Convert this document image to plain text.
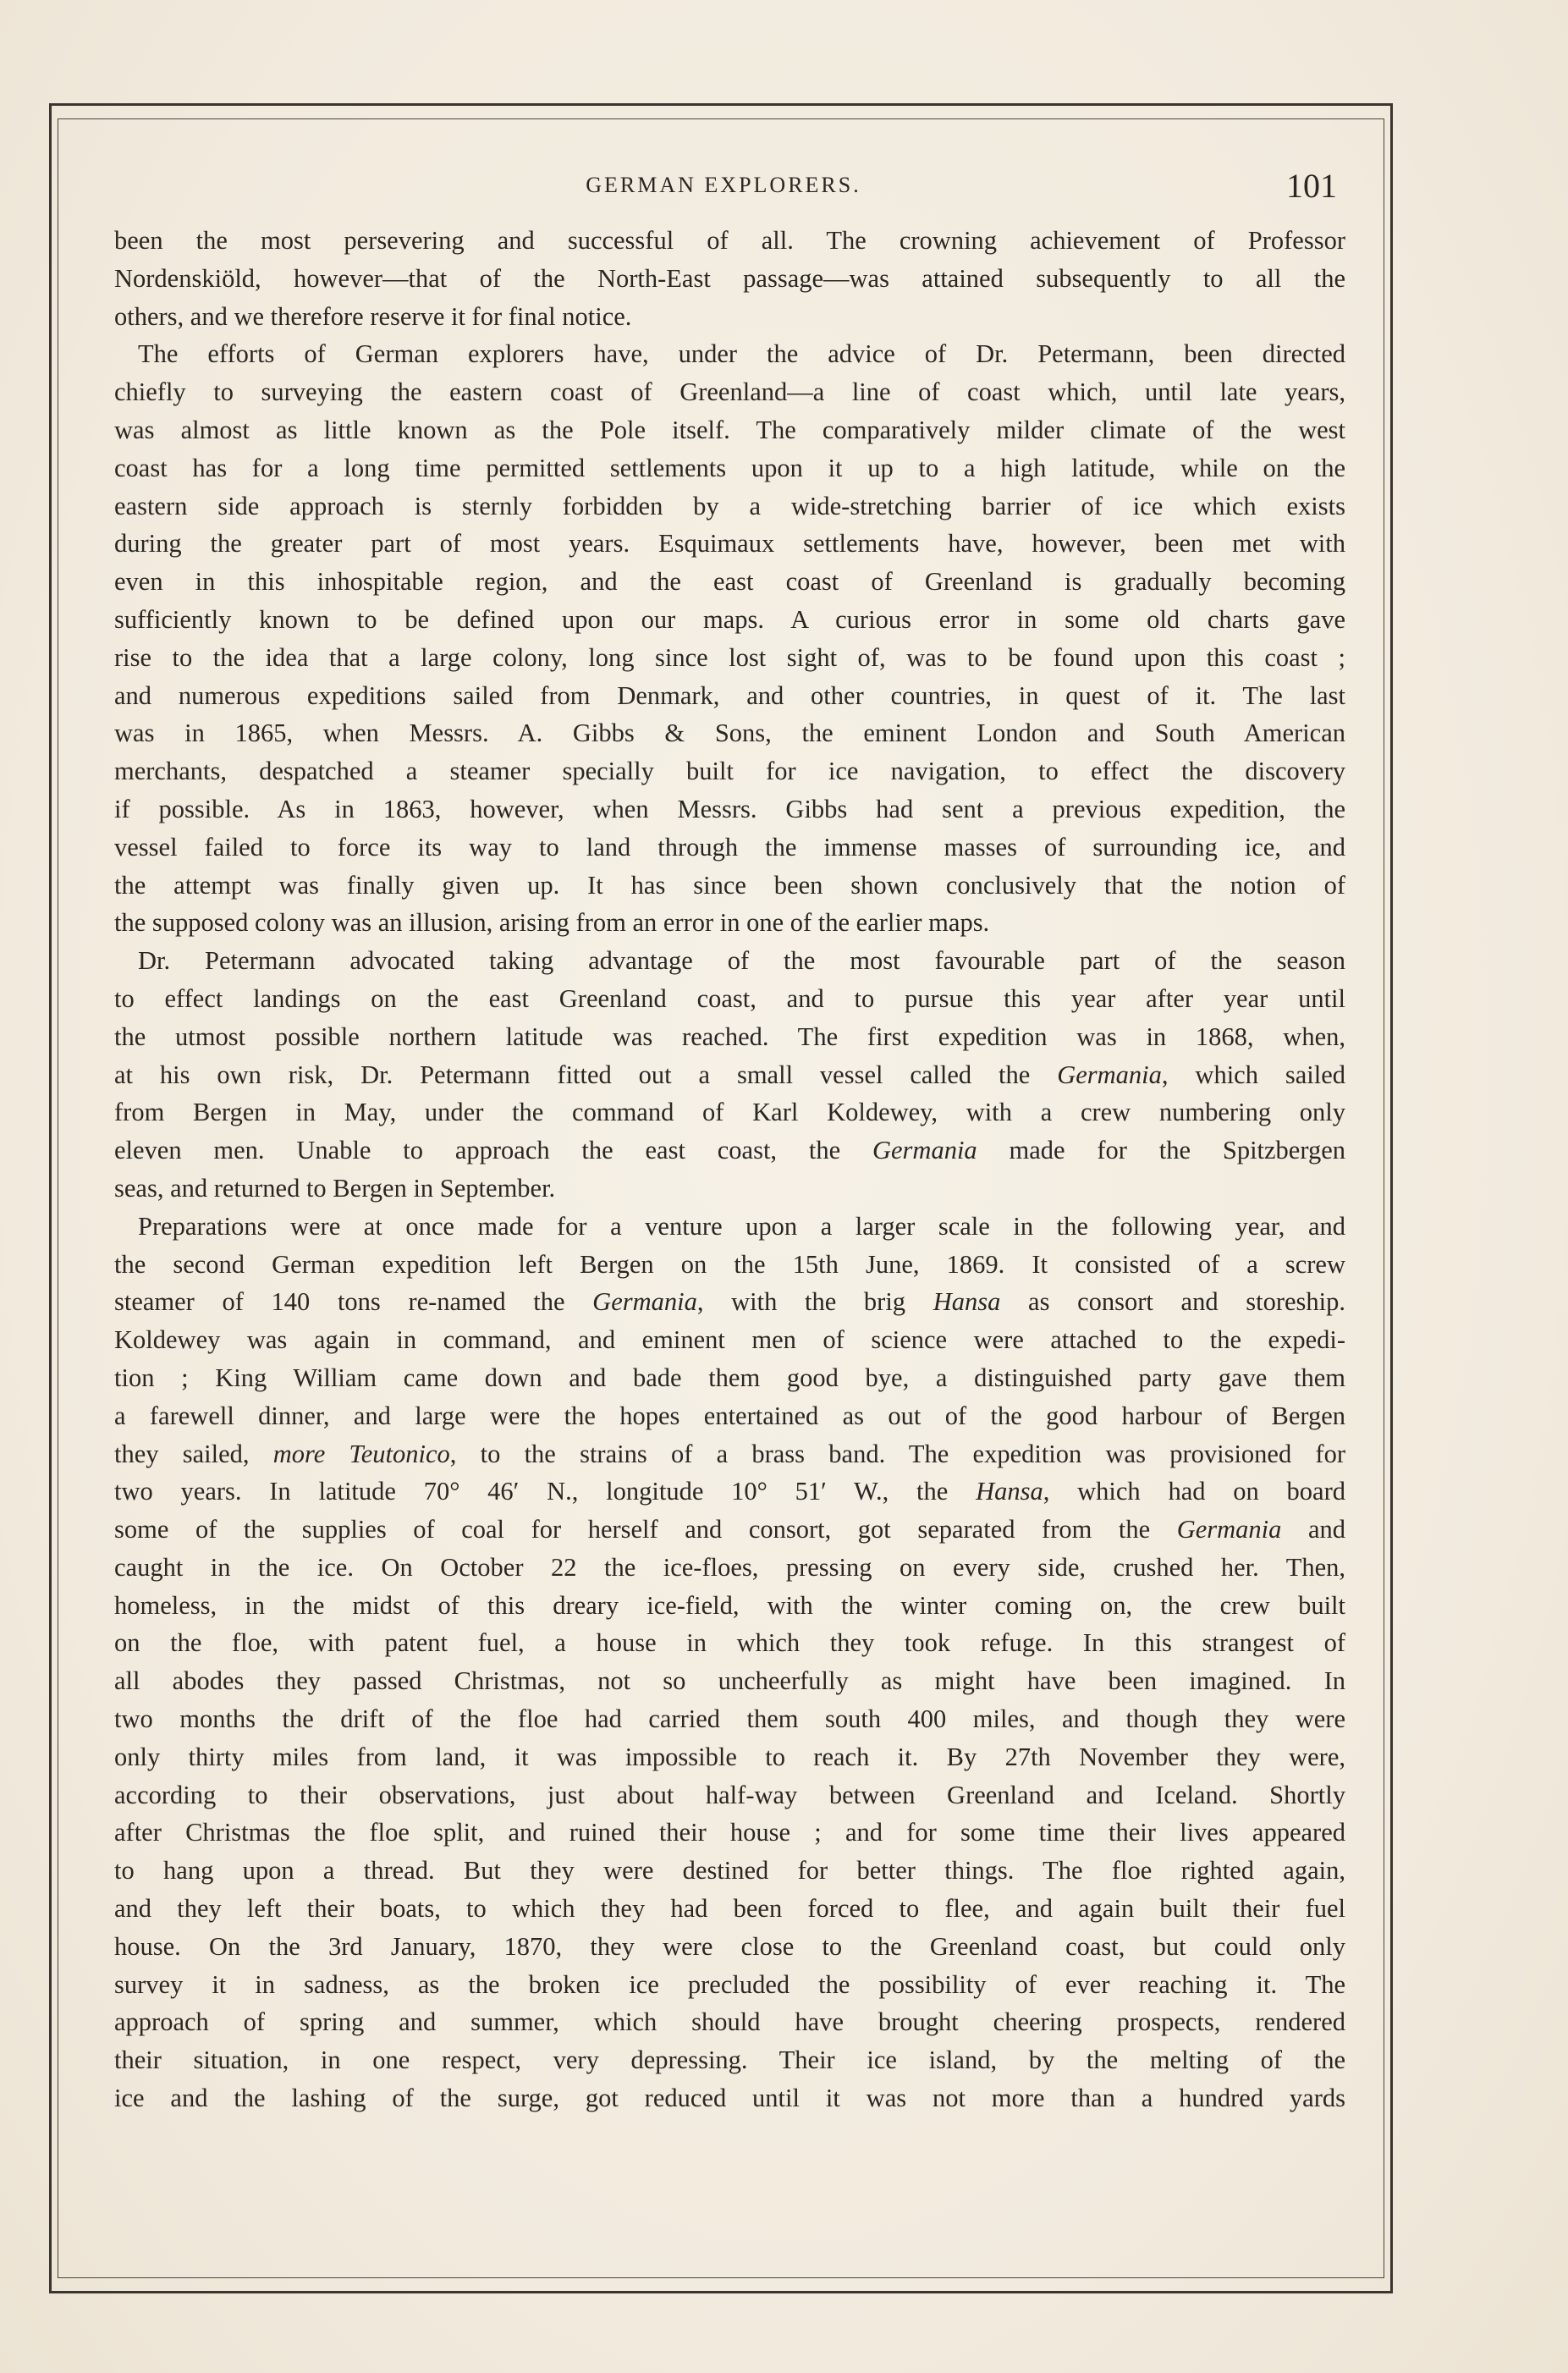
GERMAN EXPLORERS.	101
been the most persevering and successful of all. The crowning achievement of Professor
Nordenskiöld, however—that of the North-East passage—was attained subsequently to all the
others, and we therefore reserve it for final notice.
The efforts of German explorers have, under the advice of Dr. Petermann, been directed
chiefly to surveying the eastern coast of Greenland—a line of coast which, until late years,
was almost as little known as the Pole itself. The comparatively milder climate of the west
coast has for a long time permitted settlements upon it up to a high latitude, while on the
eastern side approach is sternly forbidden by a wide-stretching barrier of ice which exists
during the greater part of most years. Esquimaux settlements have, however, been met with
even in this inhospitable region, and the east coast of Greenland is gradually becoming
sufficiently known to be defined upon our maps. A curious error in some old charts gave
rise to the idea that a large colony, long since lost sight of, was to be found upon this coast ;
and numerous expeditions sailed from Denmark, and other countries, in quest of it. The last
was in 1865, when Messrs. A. Gibbs & Sons, the eminent London and South American
merchants, despatched a steamer specially built for ice navigation, to effect the discovery
if possible. As in 1863, however, when Messrs. Gibbs had sent a previous expedition, the
vessel failed to force its way to land through the immense masses of surrounding ice, and
the attempt was finally given up. It has since been shown conclusively that the notion of
the supposed colony was an illusion, arising from an error in one of the earlier maps.
Dr. Petermann advocated taking advantage of the most favourable part of the season
to effect landings on the east Greenland coast, and to pursue this year after year until
the utmost possible northern latitude was reached. The first expedition was in 1868, when,
at his own risk, Dr. Petermann fitted out a small vessel called the Germania, which sailed
from Bergen in May, under the command of Karl Koldewey, with a crew numbering only
eleven men. Unable to approach the east coast, the Germania made for the Spitzbergen
seas, and returned to Bergen in September.
Preparations were at once made for a venture upon a larger scale in the following year, and
the second German expedition left Bergen on the 15th June, 1869. It consisted of a screw
steamer of 140 tons re-named the Germania, with the brig Hansa as consort and storeship.
Koldewey was again in command, and eminent men of science were attached to the expedi-
tion ; King William came down and bade them good bye, a distinguished party gave them
a farewell dinner, and large were the hopes entertained as out of the good harbour of Bergen
they sailed, more Teutonico, to the strains of a brass band. The expedition was provisioned for
two years. In latitude 70° 46′ N., longitude 10° 51′ W., the Hansa, which had on board
some of the supplies of coal for herself and consort, got separated from the Germania and
caught in the ice. On October 22 the ice-floes, pressing on every side, crushed her. Then,
homeless, in the midst of this dreary ice-field, with the winter coming on, the crew built
on the floe, with patent fuel, a house in which they took refuge. In this strangest of
all abodes they passed Christmas, not so uncheerfully as might have been imagined. In
two months the drift of the floe had carried them south 400 miles, and though they were
only thirty miles from land, it was impossible to reach it. By 27th November they were,
according to their observations, just about half-way between Greenland and Iceland. Shortly
after Christmas the floe split, and ruined their house ; and for some time their lives appeared
to hang upon a thread. But they were destined for better things. The floe righted again,
and they left their boats, to which they had been forced to flee, and again built their fuel
house. On the 3rd January, 1870, they were close to the Greenland coast, but could only
survey it in sadness, as the broken ice precluded the possibility of ever reaching it. The
approach of spring and summer, which should have brought cheering prospects, rendered
their situation, in one respect, very depressing. Their ice island, by the melting of the
ice and the lashing of the surge, got reduced until it was not more than a hundred yards
